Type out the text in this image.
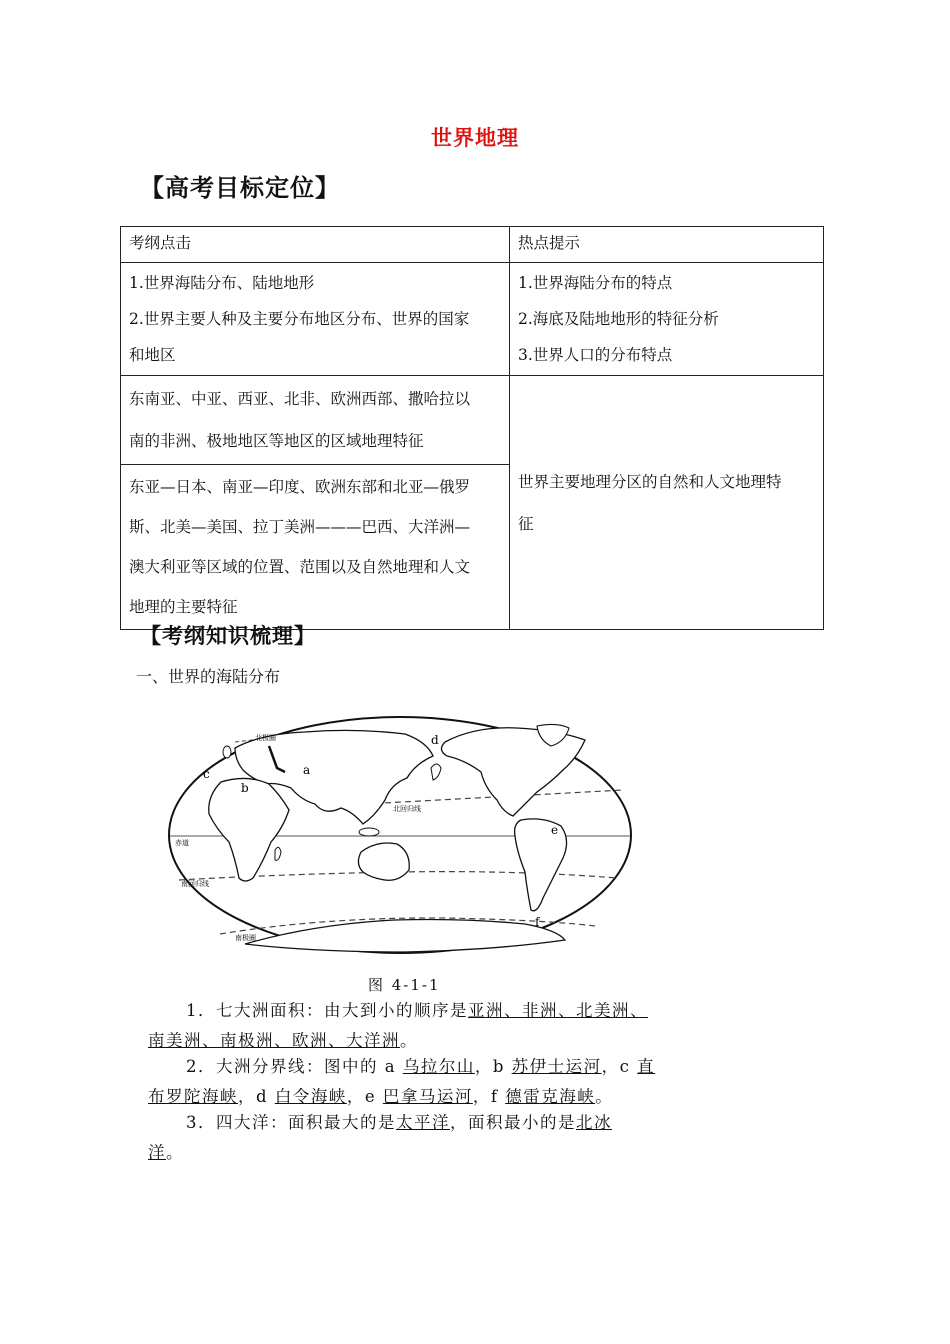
世界地理
【高考目标定位】
考纲点击	热点提示

1.世界海陆分布、陆地地形
2.世界主要人种及主要分布地区分布、世界的国家
和地区	1.世界海陆分布的特点
2.海底及陆地地形的特征分析
3.世界人口的分布特点

东南亚、中亚、西亚、北非、欧洲西部、撒哈拉以
南的非洲、极地地区等地区的区域地理特征	世界主要地理分区的自然和人文地理特
征

东亚—日本、南亚—印度、欧洲东部和北亚—俄罗
斯、北美—美国、拉丁美洲———巴西、大洋洲—
澳大利亚等区域的位置、范围以及自然地理和人文
地理的主要特征	
【考纲知识梳理】
一、世界的海陆分布
赤道
北回归线
南回归线
南极圈
北极圈
a
b
c
d
e
f
图 4-1-1
1．七大洲面积：由大到小的顺序是亚洲、非洲、北美洲、
南美洲、南极洲、欧洲、大洋洲。
2．大洲分界线：图中的 a 乌拉尔山，b 苏伊士运河，c 直
布罗陀海峡，d 白令海峡，e 巴拿马运河，f 德雷克海峡。
3．四大洋：面积最大的是太平洋，面积最小的是北冰
洋。
